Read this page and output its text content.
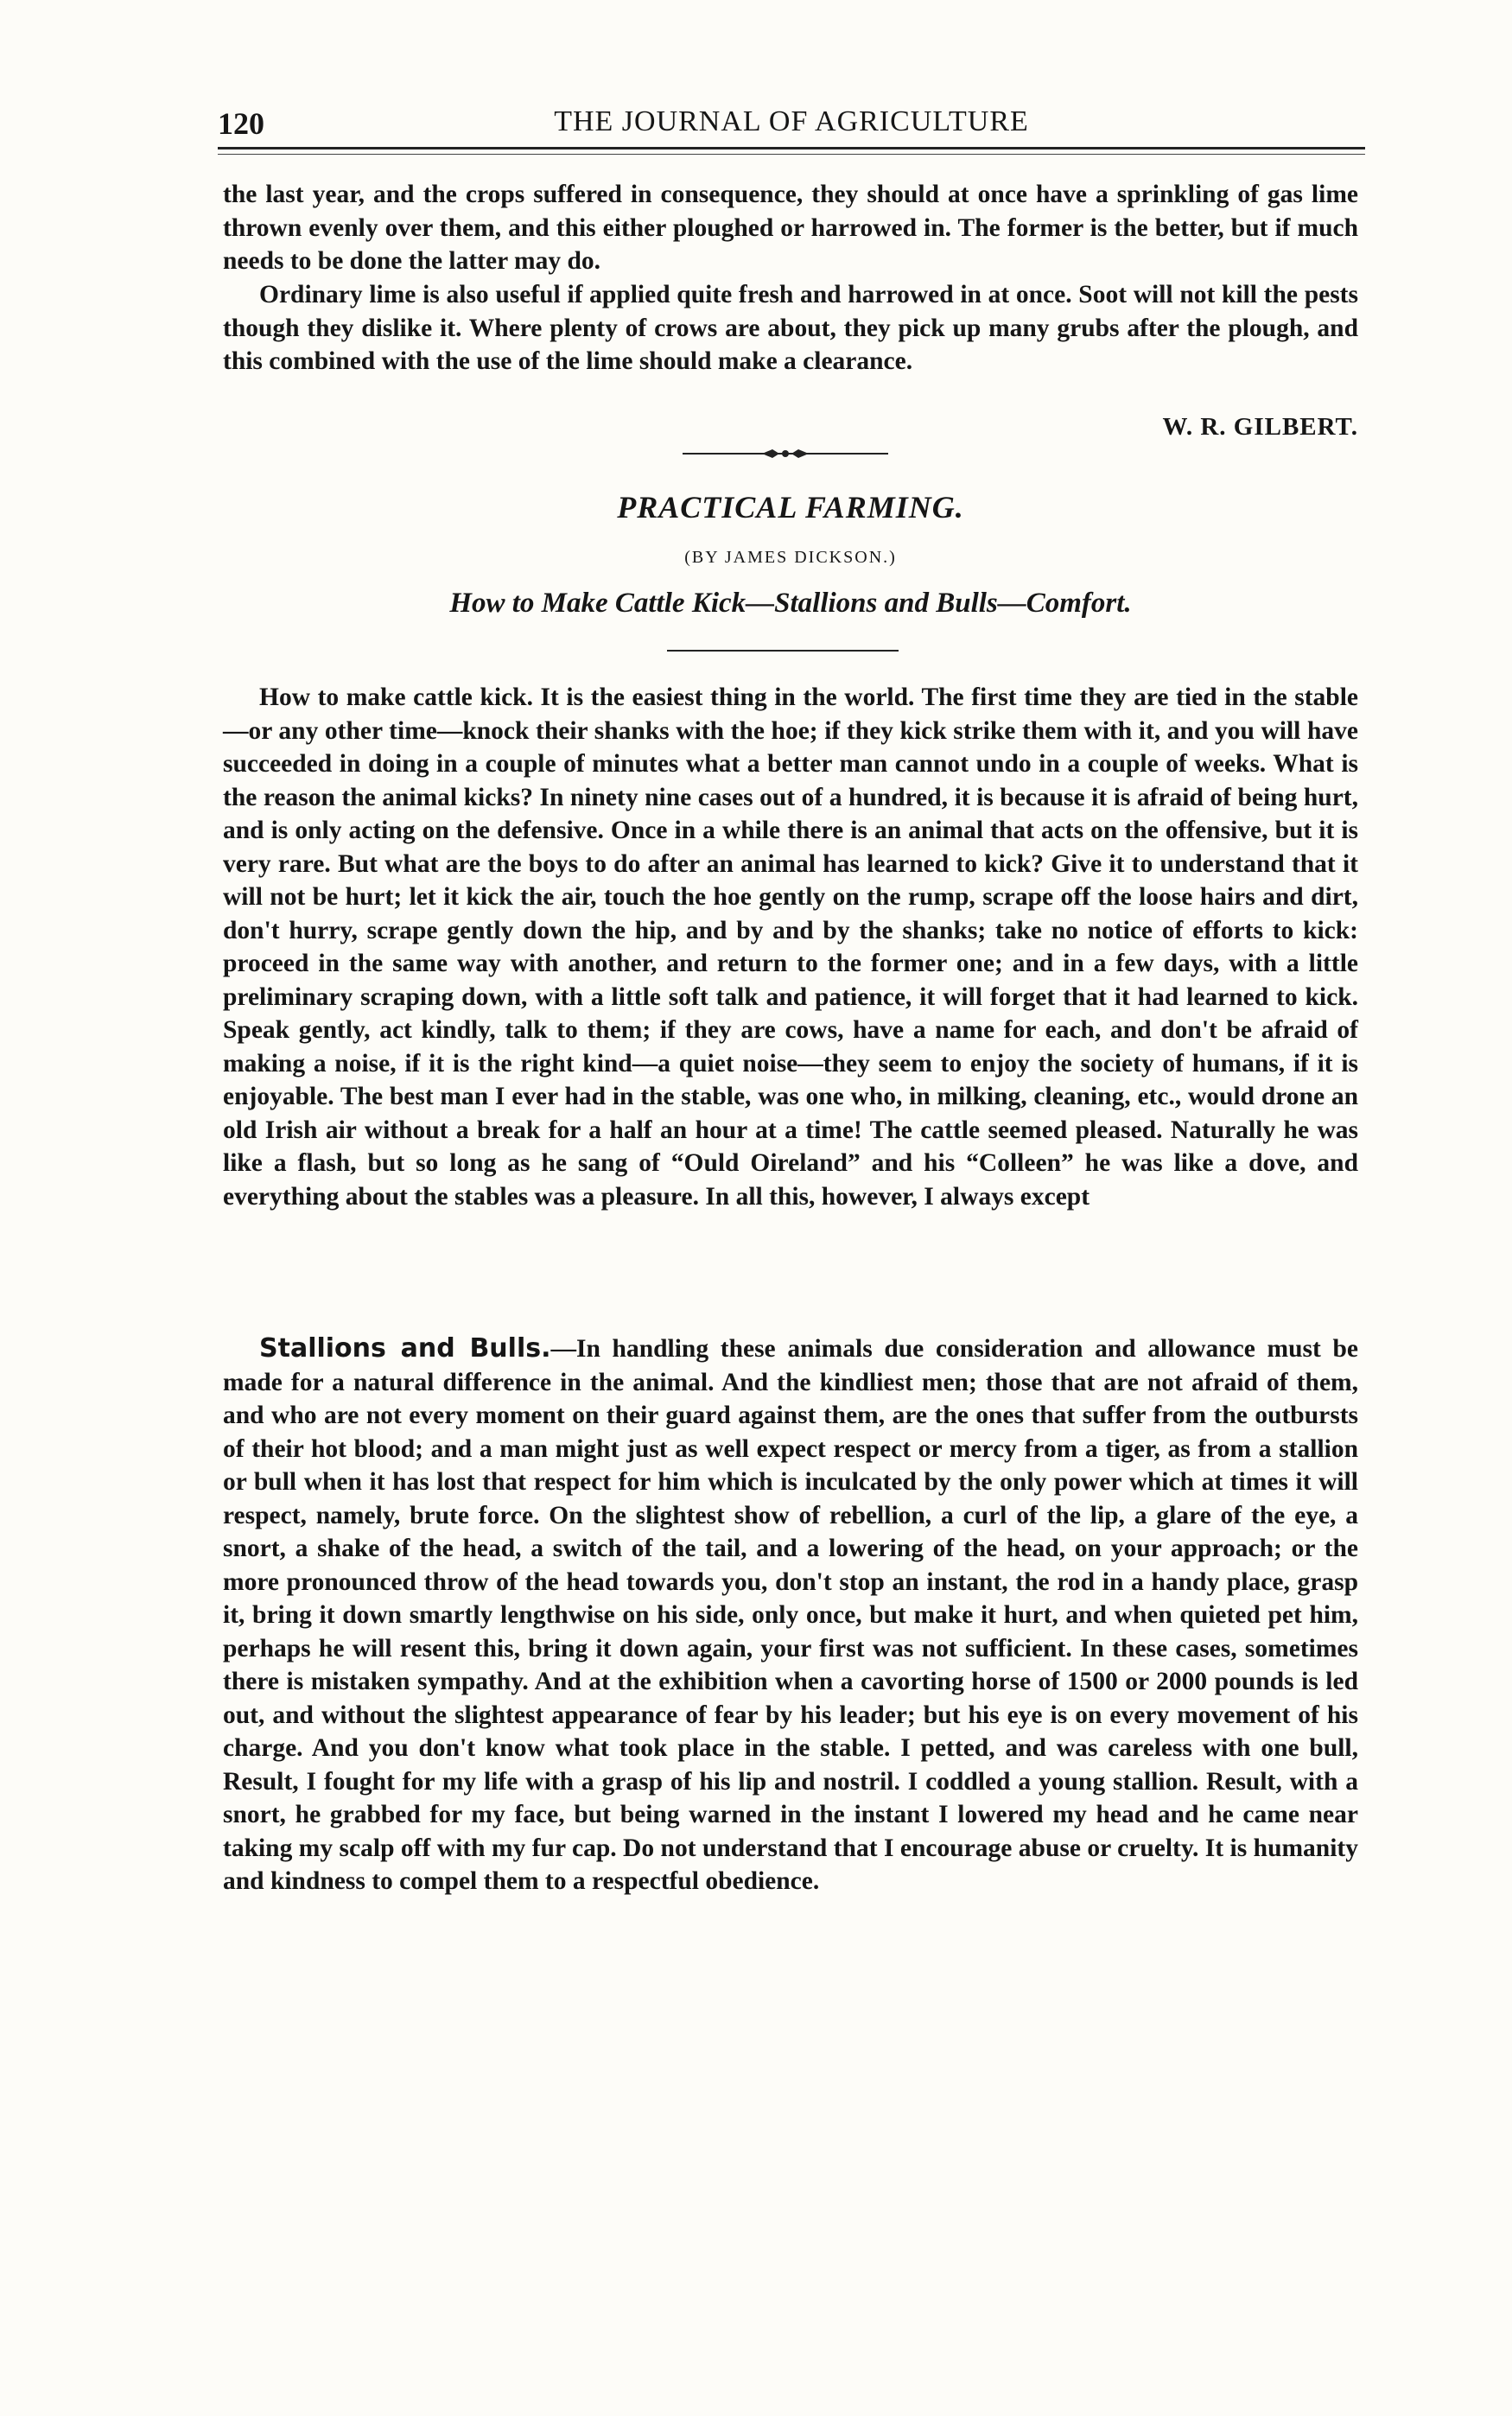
120	THE JOURNAL OF AGRICULTURE

the last year, and the crops suffered in consequence, they should at once have a sprinkling of gas lime thrown evenly over them, and this either ploughed or harrowed in. The former is the better, but if much needs to be done the latter may do.

Ordinary lime is also useful if applied quite fresh and harrowed in at once. Soot will not kill the pests though they dislike it. Where plenty of crows are about, they pick up many grubs after the plough, and this combined with the use of the lime should make a clearance.

W. R. GILBERT.
PRACTICAL FARMING.
(BY JAMES DICKSON.)
How to Make Cattle Kick—Stallions and Bulls—Comfort.

How to make cattle kick. It is the easiest thing in the world. The first time they are tied in the stable—or any other time—knock their shanks with the hoe; if they kick strike them with it, and you will have succeeded in doing in a couple of minutes what a better man cannot undo in a couple of weeks. What is the reason the animal kicks? In ninety nine cases out of a hundred, it is because it is afraid of being hurt, and is only acting on the defensive. Once in a while there is an animal that acts on the offensive, but it is very rare. But what are the boys to do after an animal has learned to kick? Give it to understand that it will not be hurt; let it kick the air, touch the hoe gently on the rump, scrape off the loose hairs and dirt, don't hurry, scrape gently down the hip, and by and by the shanks; take no notice of efforts to kick: proceed in the same way with another, and return to the former one; and in a few days, with a little preliminary scraping down, with a little soft talk and patience, it will forget that it had learned to kick. Speak gently, act kindly, talk to them; if they are cows, have a name for each, and don't be afraid of making a noise, if it is the right kind—a quiet noise—they seem to enjoy the society of humans, if it is enjoyable. The best man I ever had in the stable, was one who, in milking, cleaning, etc., would drone an old Irish air without a break for a half an hour at a time! The cattle seemed pleased. Naturally he was like a flash, but so long as he sang of “Ould Oireland” and his “Colleen” he was like a dove, and everything about the stables was a pleasure. In all this, however, I always except

Stallions and Bulls.—In handling these animals due consideration and allowance must be made for a natural difference in the animal. And the kindliest men; those that are not afraid of them, and who are not every moment on their guard against them, are the ones that suffer from the outbursts of their hot blood; and a man might just as well expect respect or mercy from a tiger, as from a stallion or bull when it has lost that respect for him which is inculcated by the only power which at times it will respect, namely, brute force. On the slightest show of rebellion, a curl of the lip, a glare of the eye, a snort, a shake of the head, a switch of the tail, and a lowering of the head, on your approach; or the more pronounced throw of the head towards you, don't stop an instant, the rod in a handy place, grasp it, bring it down smartly lengthwise on his side, only once, but make it hurt, and when quieted pet him, perhaps he will resent this, bring it down again, your first was not sufficient. In these cases, sometimes there is mistaken sympathy. And at the exhibition when a cavorting horse of 1500 or 2000 pounds is led out, and without the slightest appearance of fear by his leader; but his eye is on every movement of his charge. And you don't know what took place in the stable. I petted, and was careless with one bull, Result, I fought for my life with a grasp of his lip and nostril. I coddled a young stallion. Result, with a snort, he grabbed for my face, but being warned in the instant I lowered my head and he came near taking my scalp off with my fur cap. Do not understand that I encourage abuse or cruelty. It is humanity and kindness to compel them to a respectful obedience.
